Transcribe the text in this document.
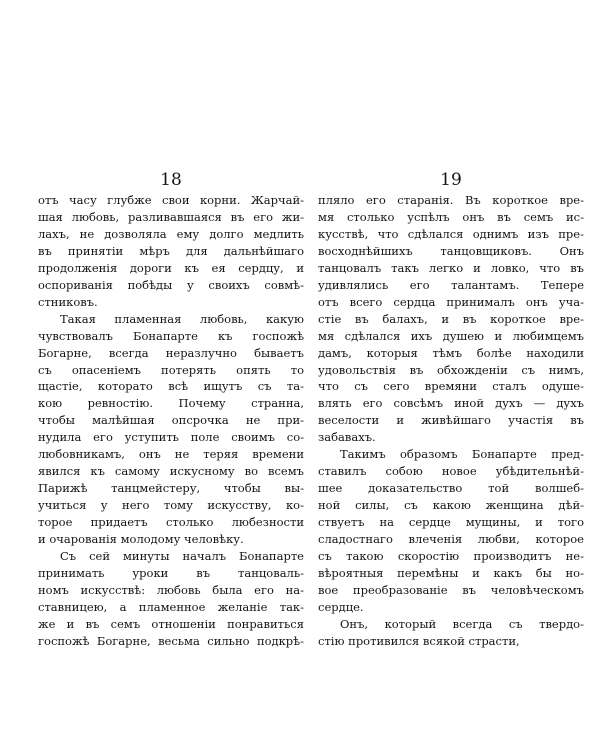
18
отъ часу глубже свои корни. Жарчай-
шая любовь, разливавшаяся въ его жи-
лахъ, не дозволяла ему долго медлить
въ принятіи мѣръ для дальнѣйшаго
продолженія дороги къ ея сердцу, и
оспориванія побѣды у своихъ совмѣ-
стниковъ.
Такая пламенная любовь, какую
чувствовалъ Бонапарте къ госпожѣ
Богарне, всегда неразлучно бываетъ
съ опасеніемъ потерять опять то
щастіе, которато всѣ ищутъ съ та-
кою ревностію. Почему странна,
чтобы малѣйшая опсрочка не при-
нудила его уступить поле своимъ со-
любовникамъ, онъ не теряя времени
явился къ самому искусному во всемъ
Парижѣ танцмейстеру, чтобы вы-
учиться у него тому искусству, ко-
торое придаетъ столько любезности
и очарованія молодому человѣку.
Съ сей минуты началъ Бонапарте
принимать уроки въ танцоваль-
номъ искусствѣ: любовь была его на-
ставницею, а пламенное желаніе так-
же и въ семъ отношеніи понравиться
госпожѣ Богарне, весьма сильно подкрѣ-
19
пляло его старанія. Въ короткое вре-
мя столько успѣлъ онъ въ семъ ис-
кусствѣ, что сдѣлался однимъ изъ пре-
восходнѣйшихъ танцовщиковъ. Онъ
танцовалъ такъ легко и ловко, что въ
удивлялись его талантамъ. Тепере
отъ всего сердца принималъ онъ уча-
стіе въ балахъ, и въ короткое вре-
мя сдѣлался ихъ душею и любимцемъ
дамъ, которыя тѣмъ болѣе находили
удовольствія въ обхожденіи съ нимъ,
что съ сего времяни сталъ одуше-
влять его совсѣмъ иной духъ — духъ
веселости и живѣйшаго участія въ
забавахъ.
Такимъ образомъ Бонапарте пред-
ставилъ собою новое убѣдительнѣй-
шее доказательство той волшеб-
ной силы, съ какою женщина дѣй-
ствуетъ на сердце мущины, и того
сладостнаго влеченія любви, которое
съ такою скоростію производитъ не-
вѣроятныя перемѣны и какъ бы но-
вое преобразованіе въ человѣческомъ
сердце.
Онъ, который всегда съ твердо-
стію противился всякой страсти,
